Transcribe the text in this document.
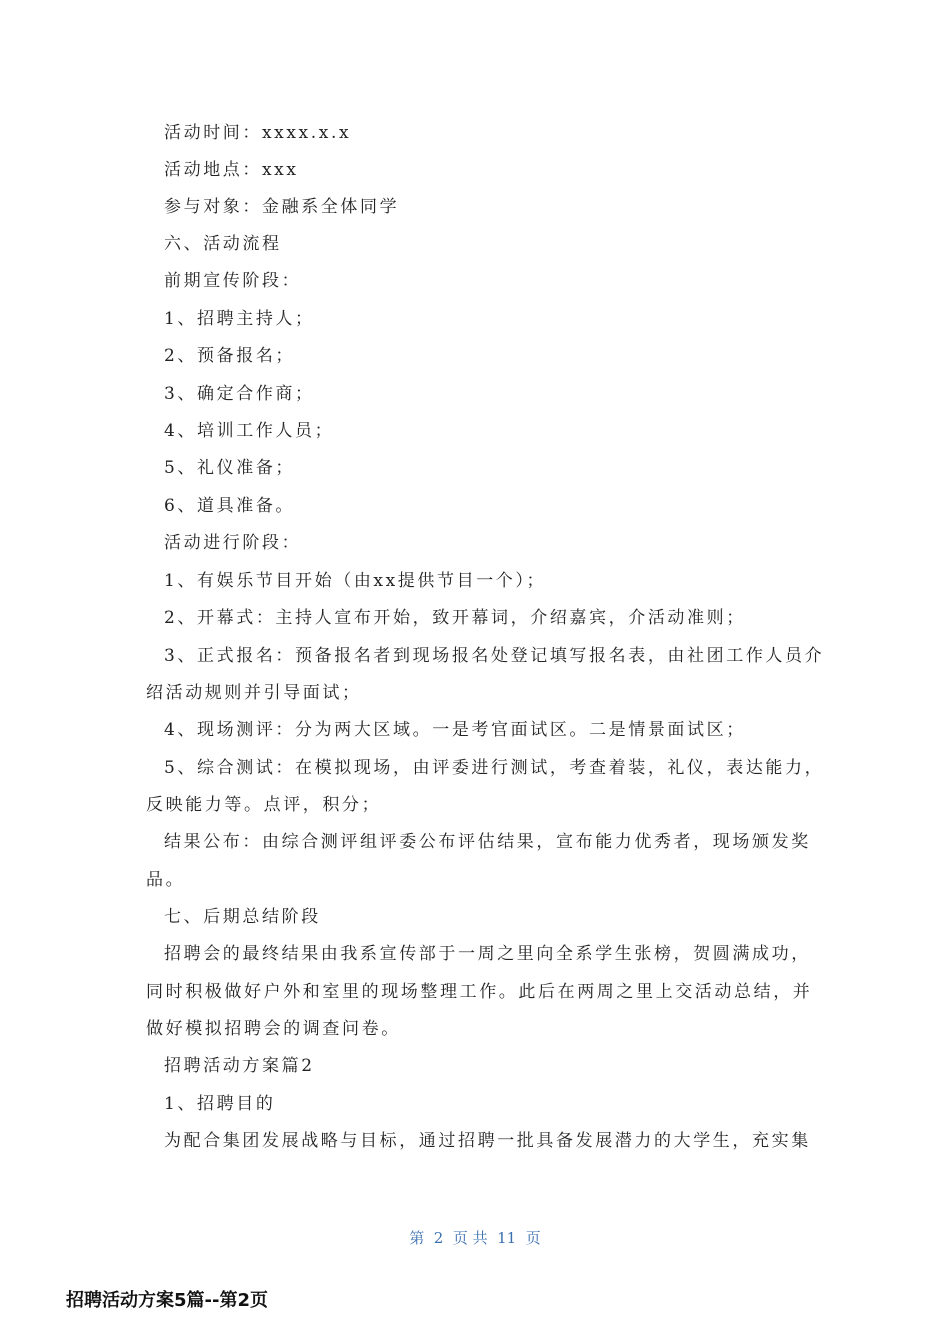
活动时间：xxxx.x.x
活动地点：xxx
参与对象：金融系全体同学
六、活动流程
前期宣传阶段：
1、招聘主持人；
2、预备报名；
3、确定合作商；
4、培训工作人员；
5、礼仪准备；
6、道具准备。
活动进行阶段：
1、有娱乐节目开始（由xx提供节目一个）；
2、开幕式：主持人宣布开始，致开幕词，介绍嘉宾，介活动准则；
3、正式报名：预备报名者到现场报名处登记填写报名表，由社团工作人员介
绍活动规则并引导面试；
4、现场测评：分为两大区域。一是考官面试区。二是情景面试区；
5、综合测试：在模拟现场，由评委进行测试，考查着装，礼仪，表达能力，
反映能力等。点评，积分；
结果公布：由综合测评组评委公布评估结果，宣布能力优秀者，现场颁发奖
品。
七、后期总结阶段
招聘会的最终结果由我系宣传部于一周之里向全系学生张榜，贺圆满成功，
同时积极做好户外和室里的现场整理工作。此后在两周之里上交活动总结，并
做好模拟招聘会的调查问卷。
招聘活动方案篇2
1、招聘目的
为配合集团发展战略与目标，通过招聘一批具备发展潜力的大学生，充实集
第  2  页 共  11  页
招聘活动方案5篇--第2页
